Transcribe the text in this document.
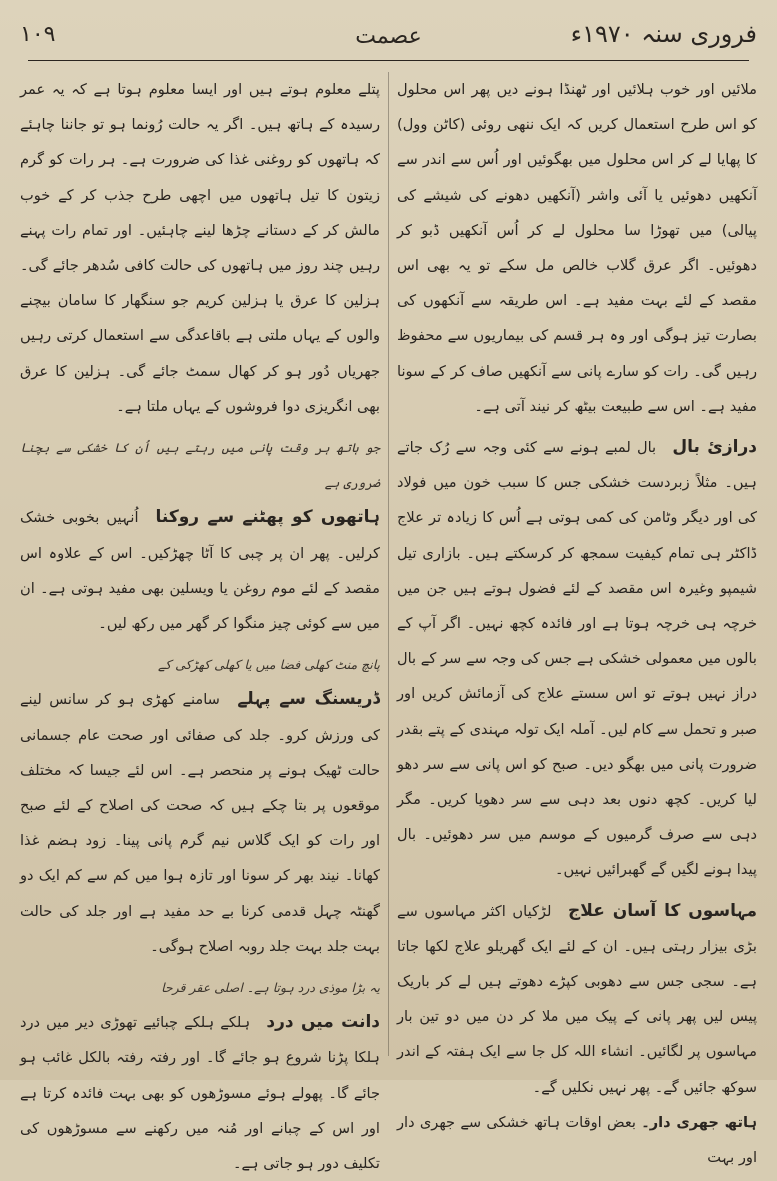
١٠٩	عصمت	فروری سنہ ۱۹۷۰ء

ملائیں اور خوب ہلائیں اور ٹھنڈا ہونے دیں پھر اس محلول کو اس طرح استعمال کریں کہ ایک ننھی روئی (کاٹن وول) کا پھایا لے کر اس محلول میں بھگوئیں اور اُس سے اندر سے آنکھیں دھوئیں یا آئی واشر (آنکھیں دھونے کی شیشے کی پیالی) میں تھوڑا سا محلول لے کر اُس آنکھیں ڈبو کر دھوئیں۔ اگر عرق گلاب خالص مل سکے تو یہ بھی اس مقصد کے لئے بہت مفید ہے۔ اس طریقہ سے آنکھوں کی بصارت تیز ہوگی اور وہ ہر قسم کی بیماریوں سے محفوظ رہیں گی۔ رات کو سارے پانی سے آنکھیں صاف کر کے سونا مفید ہے۔ اس سے طبیعت بیٹھ کر نیند آتی ہے۔

درازئ بال بال لمبے ہونے سے کئی وجہ سے رُک جاتے ہیں۔ مثلاً زبردست خشکی جس کا سبب خون میں فولاد کی اور دیگر وٹامن کی کمی ہوتی ہے اُس کا زیادہ تر علاج ڈاکٹر ہی تمام کیفیت سمجھ کر کرسکتے ہیں۔ بازاری تیل شیمپو وغیرہ اس مقصد کے لئے فضول ہوتے ہیں جن میں خرچہ ہی خرچہ ہوتا ہے اور فائدہ کچھ نہیں۔ اگر آپ کے بالوں میں معمولی خشکی ہے جس کی وجہ سے سر کے بال دراز نہیں ہوتے تو اس سستے علاج کی آزمائش کریں اور صبر و تحمل سے کام لیں۔ آملہ ایک تولہ مہندی کے پتے بقدر ضرورت پانی میں بھگو دیں۔ صبح کو اس پانی سے سر دھو لیا کریں۔ کچھ دنوں بعد دہی سے سر دھویا کریں۔ مگر دہی سے صرف گرمیوں کے موسم میں سر دھوئیں۔ بال پیدا ہونے لگیں گے گھبرائیں نہیں۔

مہاسوں کا آسان علاج لڑکیاں اکثر مہاسوں سے بڑی بیزار رہتی ہیں۔ ان کے لئے ایک گھریلو علاج لکھا جاتا ہے۔ سجی جس سے دھوبی کپڑے دھوتے ہیں لے کر باریک پیس لیں پھر پانی کے پیک میں ملا کر دن میں دو تین بار مہاسوں پر لگائیں۔ انشاء اللہ کل جا سے ایک ہفتہ کے اندر سوکھ جائیں گے۔ پھر نہیں نکلیں گے۔

ہاتھ جھری دار۔ بعض اوقات ہاتھ خشکی سے جھری دار اور بہت

پتلے معلوم ہوتے ہیں اور ایسا معلوم ہوتا ہے کہ یہ عمر رسیدہ کے ہاتھ ہیں۔ اگر یہ حالت رُونما ہو تو جاننا چاہئے کہ ہاتھوں کو روغنی غذا کی ضرورت ہے۔ ہر رات کو گرم زیتون کا تیل ہاتھوں میں اچھی طرح جذب کر کے خوب مالش کر کے دستانے چڑھا لینے چاہئیں۔ اور تمام رات پہنے رہیں چند روز میں ہاتھوں کی حالت کافی سُدھر جائے گی۔ ہزلین کا عرق یا ہزلین کریم جو سنگھار کا سامان بیچنے والوں کے یہاں ملتی ہے باقاعدگی سے استعمال کرتی رہیں جھریاں دُور ہو کر کھال سمٹ جائے گی۔ ہزلین کا عرق بھی انگریزی دوا فروشوں کے یہاں ملتا ہے۔

جو ہاتھ ہر وقت پانی میں رہتے ہیں اُن کا خشکی سے بچنا ضروری ہے
ہاتھوں کو پھٹنے سے روکنا اُنہیں بخوبی خشک کرلیں۔ پھر ان پر چبی کا آٹا چھڑکیں۔ اس کے علاوہ اس مقصد کے لئے موم روغن یا ویسلین بھی مفید ہوتی ہے۔ ان میں سے کوئی چیز منگوا کر گھر میں رکھ لیں۔

پانچ منٹ کھلی فضا میں یا کھلی کھڑکی کے
ڈریسنگ سے پہلے سامنے کھڑی ہو کر سانس لینے کی ورزش کرو۔ جلد کی صفائی اور صحت عام جسمانی حالت ٹھیک ہونے پر منحصر ہے۔ اس لئے جیسا کہ مختلف موقعوں پر بتا چکے ہیں کہ صحت کی اصلاح کے لئے صبح اور رات کو ایک گلاس نیم گرم پانی پینا۔ زود ہضم غذا کھانا۔ نیند بھر کر سونا اور تازہ ہوا میں کم سے کم ایک دو گھنٹہ چہل قدمی کرنا بے حد مفید ہے اور جلد کی حالت بہت جلد بہت جلد روبہ اصلاح ہوگی۔

یہ بڑا موذی درد ہوتا ہے۔ اصلی عقر قرحا
دانت میں درد ہلکے ہلکے چبائیے تھوڑی دیر میں درد ہلکا پڑنا شروع ہو جائے گا۔ اور رفتہ رفتہ بالکل غائب ہو جائے گا۔ پھولے ہوئے مسوڑھوں کو بھی بہت فائدہ کرتا ہے اور اس کے چبانے اور مُنہ میں رکھنے سے مسوڑھوں کی تکلیف دور ہو جاتی ہے۔
